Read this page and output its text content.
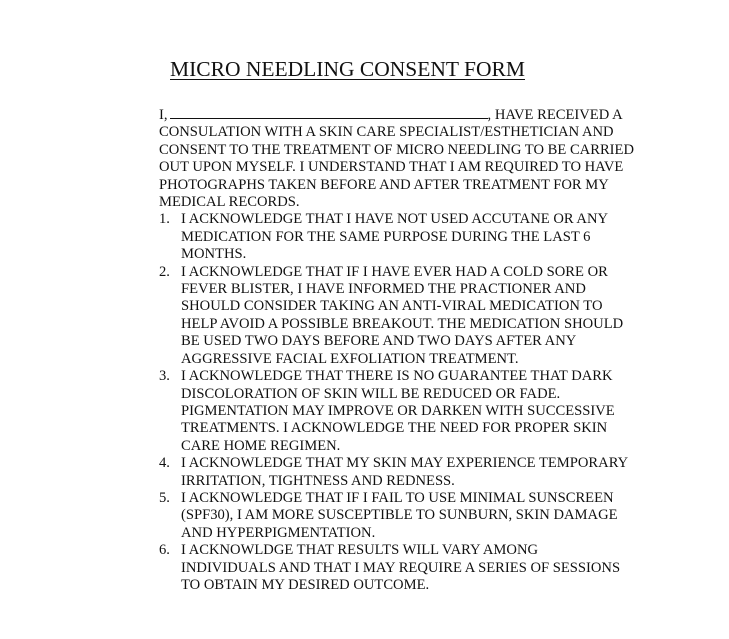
MICRO NEEDLING CONSENT FORM
I,	, HAVE RECEIVED A
CONSULATION WITH A SKIN CARE SPECIALIST/ESTHETICIAN AND
CONSENT TO THE TREATMENT OF MICRO NEEDLING TO BE CARRIED
OUT UPON MYSELF. I UNDERSTAND THAT I AM REQUIRED TO HAVE
PHOTOGRAPHS TAKEN BEFORE AND AFTER TREATMENT FOR MY
MEDICAL RECORDS.
1. I ACKNOWLEDGE THAT I HAVE NOT USED ACCUTANE OR ANY
MEDICATION FOR THE SAME PURPOSE DURING THE LAST 6
MONTHS.
2. I ACKNOWLEDGE THAT IF I HAVE EVER HAD A COLD SORE OR
FEVER BLISTER, I HAVE INFORMED THE PRACTIONER AND
SHOULD CONSIDER TAKING AN ANTI-VIRAL MEDICATION TO
HELP AVOID A POSSIBLE BREAKOUT. THE MEDICATION SHOULD
BE USED TWO DAYS BEFORE AND TWO DAYS AFTER ANY
AGGRESSIVE FACIAL EXFOLIATION TREATMENT.
3. I ACKNOWLEDGE THAT THERE IS NO GUARANTEE THAT DARK
DISCOLORATION OF SKIN WILL BE REDUCED OR FADE.
PIGMENTATION MAY IMPROVE OR DARKEN WITH SUCCESSIVE
TREATMENTS. I ACKNOWLEDGE THE NEED FOR PROPER SKIN
CARE HOME REGIMEN.
4. I ACKNOWLEDGE THAT MY SKIN MAY EXPERIENCE TEMPORARY
IRRITATION, TIGHTNESS AND REDNESS.
5. I ACKNOWLEDGE THAT IF I FAIL TO USE MINIMAL SUNSCREEN
(SPF30), I AM MORE SUSCEPTIBLE TO SUNBURN, SKIN DAMAGE
AND HYPERPIGMENTATION.
6. I ACKNOWLDGE THAT RESULTS WILL VARY AMONG
INDIVIDUALS AND THAT I MAY REQUIRE A SERIES OF SESSIONS
TO OBTAIN MY DESIRED OUTCOME.
